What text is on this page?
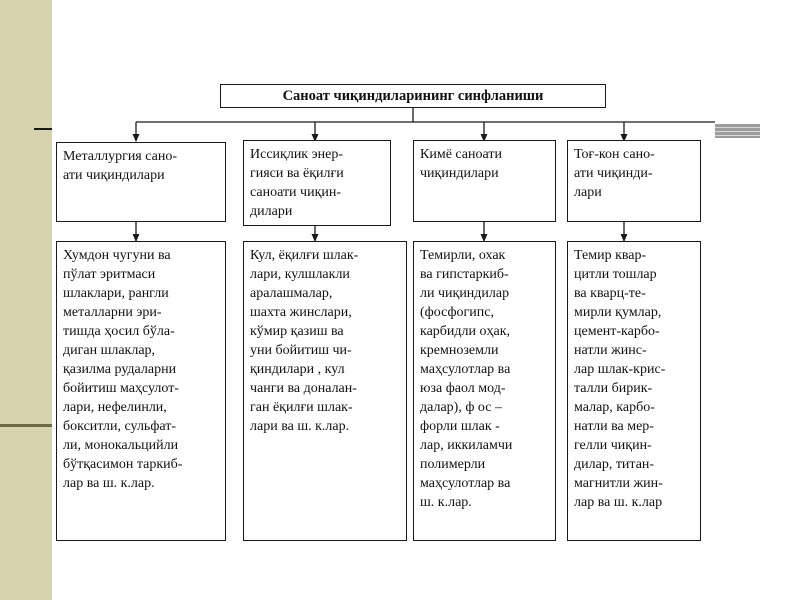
Саноат чиқиндиларининг синфланиши
Металлургия сано-
ати чиқиндилари
Иссиқлик энер-
гияси ва ёқилғи
саноати чиқин-
дилари
Кимё саноати
чиқиндилари
Тоғ-кон сано-
ати чиқинди-
лари
Хумдон чугуни ва
пўлат эритмаси
шлаклари, рангли
металларни эри-
тишда ҳосил бўла-
диган шлаклар,
қазилма рудаларни
бойитиш маҳсулот-
лари, нефелинли,
бокситли, сульфат-
ли, монокальцийли
бўтқасимон таркиб-
лар ва ш. к.лар.
Кул, ёқилғи шлак-
лари, кулшлакли
аралашмалар,
шахта жинслари,
кўмир қазиш ва
уни бойитиш чи-
қиндилари , кул
чанги ва доналан-
ган ёқилғи шлак-
лари ва ш. к.лар.
Темирли, охак
ва гипстаркиб-
ли чиқиндилар
(фосфогипс,
карбидли оҳак,
кремноземли
маҳсулотлар ва
юза фаол мод-
далар), ф ос –
форли шлак -
лар, иккиламчи
полимерли
маҳсулотлар ва
ш. к.лар.
Темир квар-
цитли тошлар
ва кварц-те-
мирли қумлар,
цемент-карбо-
натли жинс-
лар шлак-крис-
талли бирик-
малар, карбо-
натли ва мер-
гелли чиқин-
дилар, титан-
магнитли жин-
лар ва ш. к.лар
